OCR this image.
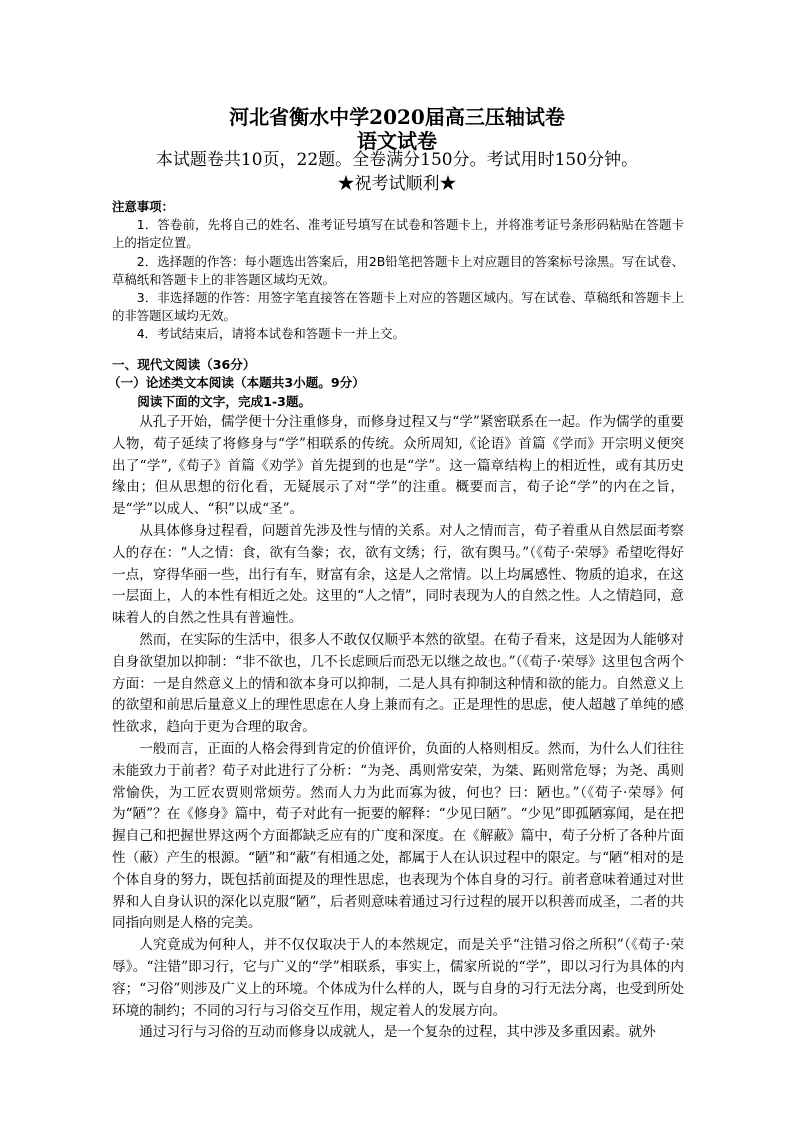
河北省衡水中学2020届高三压轴试卷
语文试卷
本试题卷共10页，22题。全卷满分150分。考试用时150分钟。
★祝考试顺利★
注意事项：

1．答卷前，先将自己的姓名、准考证号填写在试卷和答题卡上，并将准考证号条形码粘贴在答题卡上的指定位置。

2．选择题的作答：每小题选出答案后，用2B铅笔把答题卡上对应题目的答案标号涂黑。写在试卷、草稿纸和答题卡上的非答题区域均无效。

3．非选择题的作答：用签字笔直接答在答题卡上对应的答题区域内。写在试卷、草稿纸和答题卡上的非答题区域均无效。

4．考试结束后，请将本试卷和答题卡一并上交。

一、现代文阅读（36分）
（一）论述类文本阅读（本题共3小题。9分）
阅读下面的文字，完成1-3题。

从孔子开始，儒学便十分注重修身，而修身过程又与“学”紧密联系在一起。作为儒学的重要人物，荀子延续了将修身与“学”相联系的传统。众所周知,《论语》首篇《学而》开宗明义便突出了“学”,《荀子》首篇《劝学》首先提到的也是“学”。这一篇章结构上的相近性，或有其历史缘由；但从思想的衍化看，无疑展示了对“学”的注重。概要而言，荀子论“学”的内在之旨，是“学”以成人、“积”以成“圣”。

从具体修身过程看，问题首先涉及性与情的关系。对人之情而言，荀子着重从自然层面考察人的存在：“人之情：食，欲有刍豢；衣，欲有文绣；行，欲有舆马。”（《荀子·荣辱》希望吃得好一点，穿得华丽一些，出行有车，财富有余，这是人之常情。以上均属感性、物质的追求，在这一层面上，人的本性有相近之处。这里的“人之情”，同时表现为人的自然之性。人之情趋同，意味着人的自然之性具有普遍性。

然而，在实际的生活中，很多人不敢仅仅顺乎本然的欲望。在荀子看来，这是因为人能够对自身欲望加以抑制：“非不欲也，几不长虑顾后而恐无以继之故也。”（《荀子·荣辱》这里包含两个方面：一是自然意义上的情和欲本身可以抑制，二是人具有抑制这种情和欲的能力。自然意义上的欲望和前思后量意义上的理性思虑在人身上兼而有之。正是理性的思虑，使人超越了单纯的感性欲求，趋向于更为合理的取舍。

一般而言，正面的人格会得到肯定的价值评价，负面的人格则相反。然而，为什么人们往往未能致力于前者？荀子对此进行了分析：“为尧、禹则常安荣，为桀、跖则常危辱；为尧、禹则常愉佚，为工匠农贾则常烦劳。然而人力为此而寡为彼，何也？曰：陋也。”（《荀子·荣辱》何为“陋”？在《修身》篇中，荀子对此有一扼要的解释：“少见曰陋”。“少见”即孤陋寡闻，是在把握自己和把握世界这两个方面都缺乏应有的广度和深度。在《解蔽》篇中，荀子分析了各种片面性（蔽）产生的根源。“陋”和“蔽”有相通之处，都属于人在认识过程中的限定。与“陋”相对的是个体自身的努力，既包括前面提及的理性思虑，也表现为个体自身的习行。前者意味着通过对世界和人自身认识的深化以克服“陋”，后者则意味着通过习行过程的展开以积善而成圣，二者的共同指向则是人格的完美。

人究竟成为何种人，并不仅仅取决于人的本然规定，而是关乎“注错习俗之所积”（《荀子·荣辱》。“注错”即习行，它与广义的“学”相联系，事实上，儒家所说的“学”，即以习行为具体的内容；“习俗”则涉及广义上的环境。个体成为什么样的人，既与自身的习行无法分离，也受到所处环境的制约；不同的习行与习俗交互作用，规定着人的发展方向。

通过习行与习俗的互动而修身以成就人，是一个复杂的过程，其中涉及多重因素。就外
